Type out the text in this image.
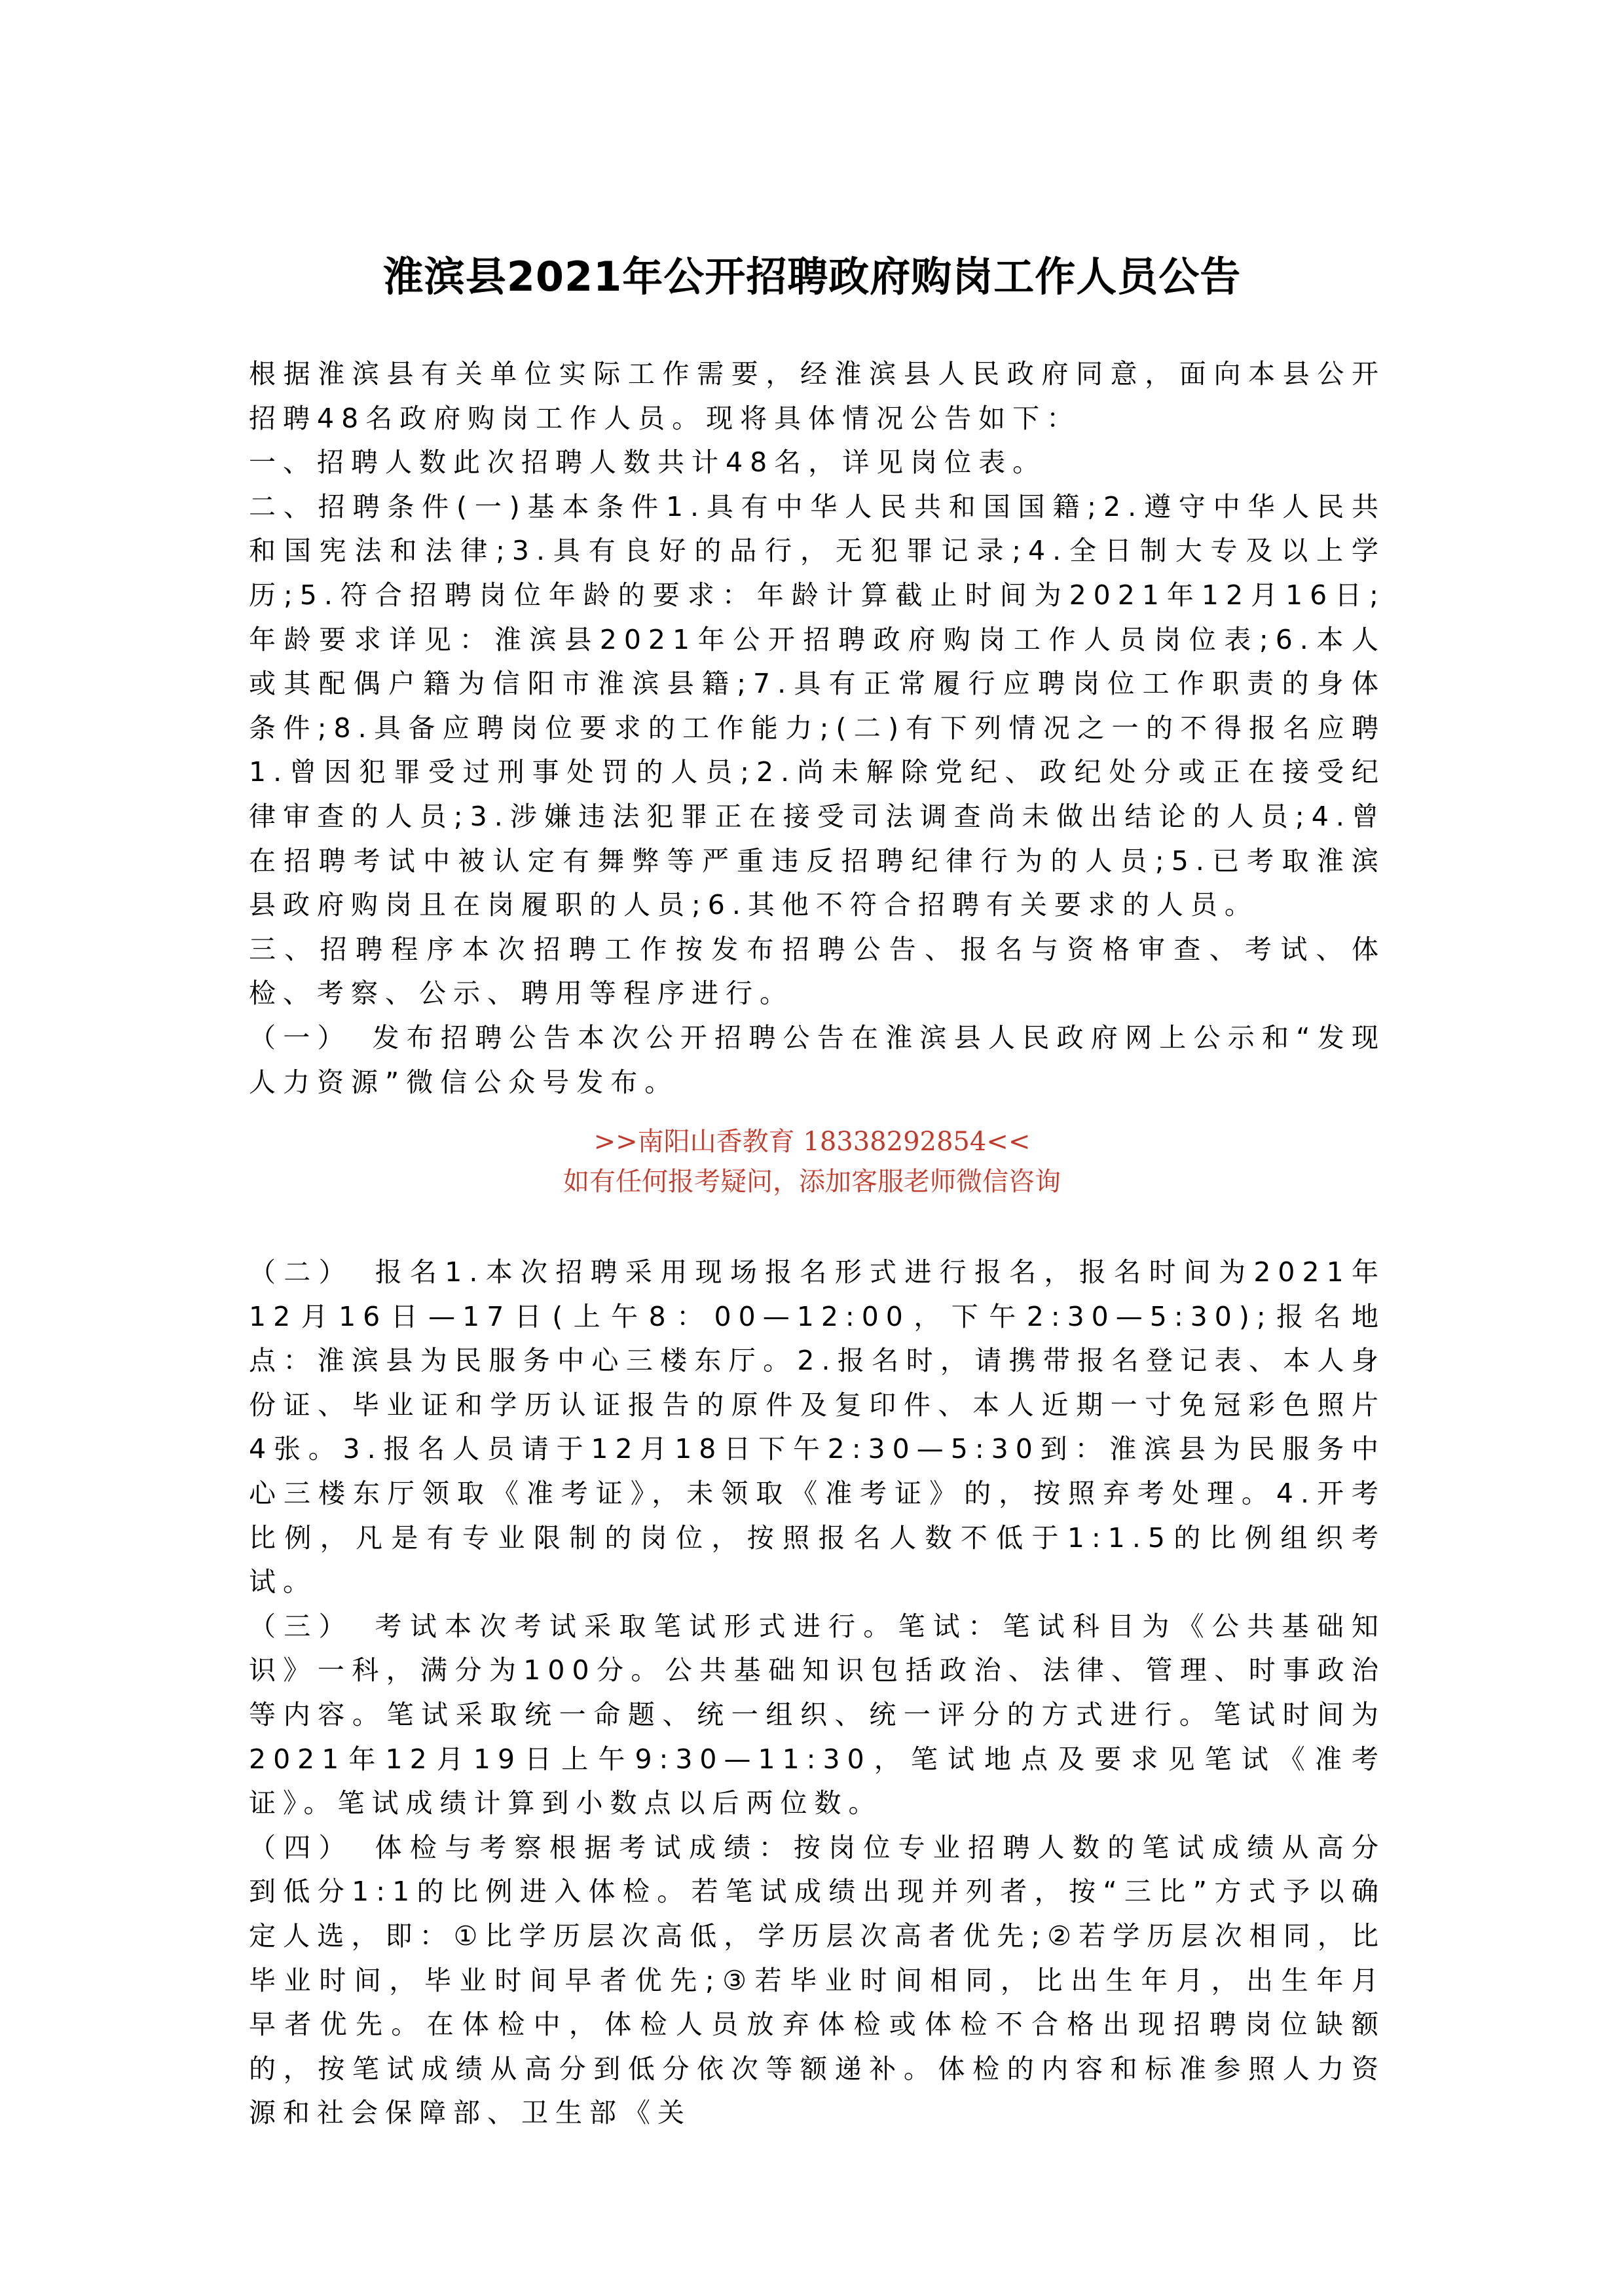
淮滨县2021年公开招聘政府购岗工作人员公告

根据淮滨县有关单位实际工作需要，经淮滨县人民政府同意，面向本县公开招聘48名政府购岗工作人员。现将具体情况公告如下：

一、招聘人数此次招聘人数共计48名，详见岗位表。

二、招聘条件(一)基本条件1.具有中华人民共和国国籍;2.遵守中华人民共和国宪法和法律;3.具有良好的品行，无犯罪记录;4.全日制大专及以上学历;5.符合招聘岗位年龄的要求：年龄计算截止时间为2021年12月16日;年龄要求详见：淮滨县2021年公开招聘政府购岗工作人员岗位表;6.本人或其配偶户籍为信阳市淮滨县籍;7.具有正常履行应聘岗位工作职责的身体条件;8.具备应聘岗位要求的工作能力;(二)有下列情况之一的不得报名应聘1.曾因犯罪受过刑事处罚的人员;2.尚未解除党纪、政纪处分或正在接受纪律审查的人员;3.涉嫌违法犯罪正在接受司法调查尚未做出结论的人员;4.曾在招聘考试中被认定有舞弊等严重违反招聘纪律行为的人员;5.已考取淮滨县政府购岗且在岗履职的人员;6.其他不符合招聘有关要求的人员。

三、招聘程序本次招聘工作按发布招聘公告、报名与资格审查、考试、体检、考察、公示、聘用等程序进行。

（一）　发布招聘公告本次公开招聘公告在淮滨县人民政府网上公示和“发现人力资源”微信公众号发布。

>>南阳山香教育 18338292854<<
如有任何报考疑问，添加客服老师微信咨询

（二）　报名1.本次招聘采用现场报名形式进行报名，报名时间为2021年12月16日—17日(上午8：00—12:00，下午2:30—5:30);报名地点：淮滨县为民服务中心三楼东厅。2.报名时，请携带报名登记表、本人身份证、毕业证和学历认证报告的原件及复印件、本人近期一寸免冠彩色照片4张。3.报名人员请于12月18日下午2:30—5:30到：淮滨县为民服务中心三楼东厅领取《准考证》，未领取《准考证》的，按照弃考处理。4.开考比例，凡是有专业限制的岗位，按照报名人数不低于1:1.5的比例组织考试。

（三）　考试本次考试采取笔试形式进行。笔试：笔试科目为《公共基础知识》一科，满分为100分。公共基础知识包括政治、法律、管理、时事政治等内容。笔试采取统一命题、统一组织、统一评分的方式进行。笔试时间为2021年12月19日上午9:30—11:30，笔试地点及要求见笔试《准考证》。笔试成绩计算到小数点以后两位数。

（四）　体检与考察根据考试成绩：按岗位专业招聘人数的笔试成绩从高分到低分1:1的比例进入体检。若笔试成绩出现并列者，按“三比”方式予以确定人选，即：①比学历层次高低，学历层次高者优先;②若学历层次相同，比毕业时间，毕业时间早者优先;③若毕业时间相同，比出生年月，出生年月早者优先。在体检中，体检人员放弃体检或体检不合格出现招聘岗位缺额的，按笔试成绩从高分到低分依次等额递补。体检的内容和标准参照人力资源和社会保障部、卫生部《关
